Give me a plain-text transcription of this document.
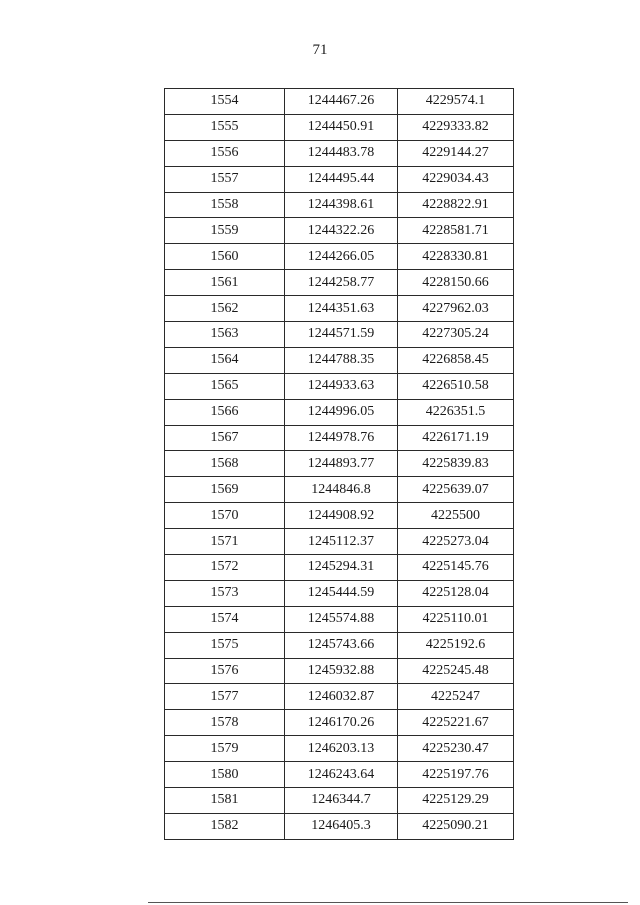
71
1554	1244467.26	4229574.1
1555	1244450.91	4229333.82
1556	1244483.78	4229144.27
1557	1244495.44	4229034.43
1558	1244398.61	4228822.91
1559	1244322.26	4228581.71
1560	1244266.05	4228330.81
1561	1244258.77	4228150.66
1562	1244351.63	4227962.03
1563	1244571.59	4227305.24
1564	1244788.35	4226858.45
1565	1244933.63	4226510.58
1566	1244996.05	4226351.5
1567	1244978.76	4226171.19
1568	1244893.77	4225839.83
1569	1244846.8	4225639.07
1570	1244908.92	4225500
1571	1245112.37	4225273.04
1572	1245294.31	4225145.76
1573	1245444.59	4225128.04
1574	1245574.88	4225110.01
1575	1245743.66	4225192.6
1576	1245932.88	4225245.48
1577	1246032.87	4225247
1578	1246170.26	4225221.67
1579	1246203.13	4225230.47
1580	1246243.64	4225197.76
1581	1246344.7	4225129.29
1582	1246405.3	4225090.21
